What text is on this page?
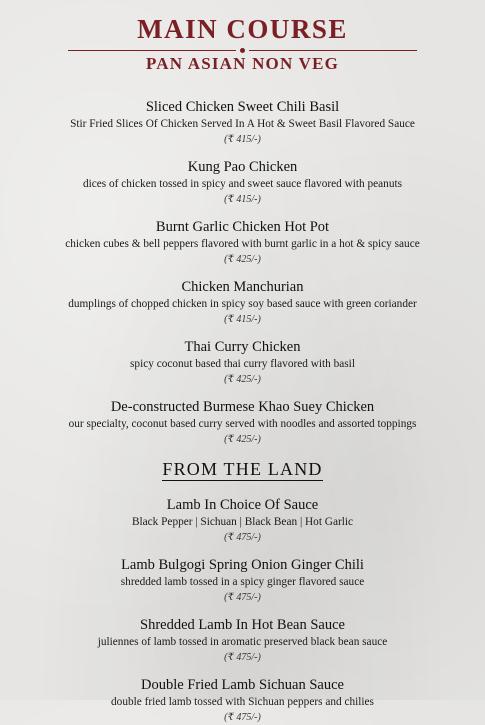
MAIN COURSE
PAN ASIAN NON VEG
Sliced Chicken Sweet Chili Basil
Stir Fried Slices Of Chicken Served In A Hot & Sweet Basil Flavored Sauce
(₹ 415/-)
Kung Pao Chicken
dices of chicken tossed in spicy and sweet sauce flavored with peanuts
(₹ 415/-)
Burnt Garlic Chicken Hot Pot
chicken cubes & bell peppers flavored with burnt garlic in a hot & spicy sauce
(₹ 425/-)
Chicken Manchurian
dumplings of chopped chicken in spicy soy based sauce with green coriander
(₹ 415/-)
Thai Curry Chicken
spicy coconut based thai curry flavored with basil
(₹ 425/-)
De-constructed Burmese Khao Suey Chicken
our specialty, coconut based curry served with noodles and assorted toppings
(₹ 425/-)
FROM THE LAND
Lamb In Choice Of Sauce
Black Pepper | Sichuan | Black Bean | Hot Garlic
(₹ 475/-)
Lamb Bulgogi Spring Onion Ginger Chili
shredded lamb tossed in a spicy ginger flavored sauce
(₹ 475/-)
Shredded Lamb In Hot Bean Sauce
juliennes of lamb tossed in aromatic preserved black bean sauce
(₹ 475/-)
Double Fried Lamb Sichuan Sauce
double fried lamb tossed with Sichuan peppers and chilies
(₹ 475/-)
